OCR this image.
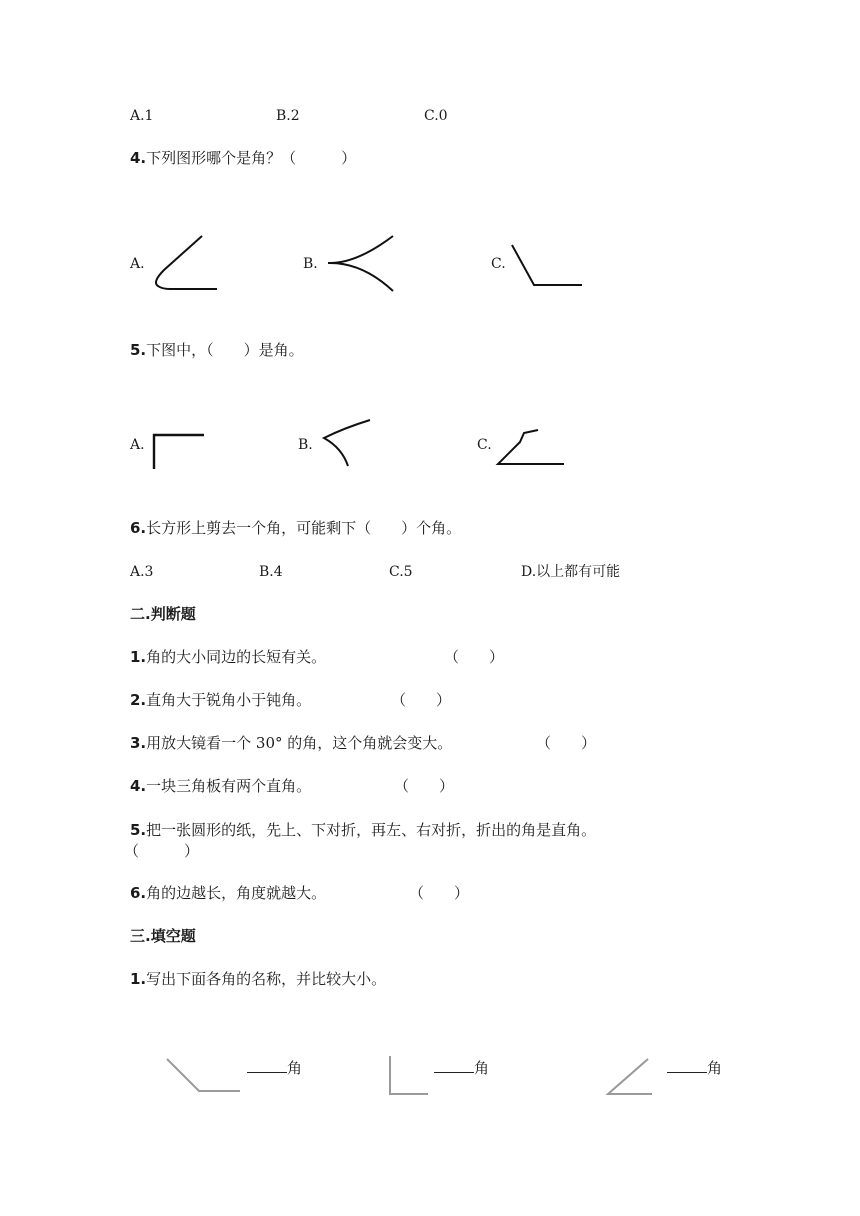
A.1	B.2	C.0
4.下列图形哪个是角？（　　　）
A.	B.	C.
5.下图中，（　　）是角。
A.	B.	C.
6.长方形上剪去一个角，可能剩下（　　）个角。
A.3	B.4	C.5	D.以上都有可能
二.判断题
1.角的大小同边的长短有关。	（　　）
2.直角大于锐角小于钝角。	（　　）
3.用放大镜看一个 30° 的角，这个角就会变大。	（　　）
4.一块三角板有两个直角。	（　　）
5.把一张圆形的纸，先上、下对折，再左、右对折，折出的角是直角。
（　　　）
6.角的边越长，角度就越大。	（　　）
三.填空题
1.写出下面各角的名称，并比较大小。
角	角	角
